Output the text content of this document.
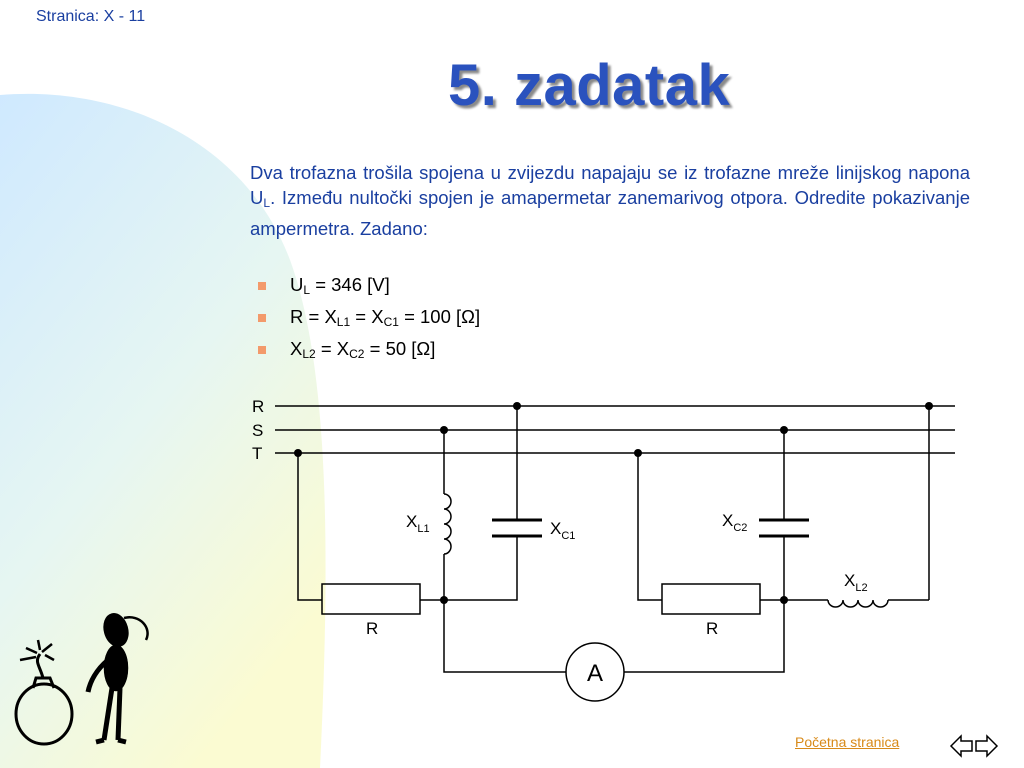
Stranica: X - 11
5. zadatak
Dva trofazna trošila spojena u zvijezdu napajaju se iz trofazne mreže linijskog napona $U_L$. Između nultočki spojen je amapermetar zanemarivog otpora. Odredite pokazivanje ampermetra. Zadano:
$U_L = 346$ [V]
$R = X_{L1} = X_{C1} = 100$ [Ω]
$X_{L2} = X_{C2} = 50$ [Ω]
R
S
T
A
$X_{L1}$	$X_{C1}$
$X_{C2}$
$X_{L2}$
R	R
Početna stranica
